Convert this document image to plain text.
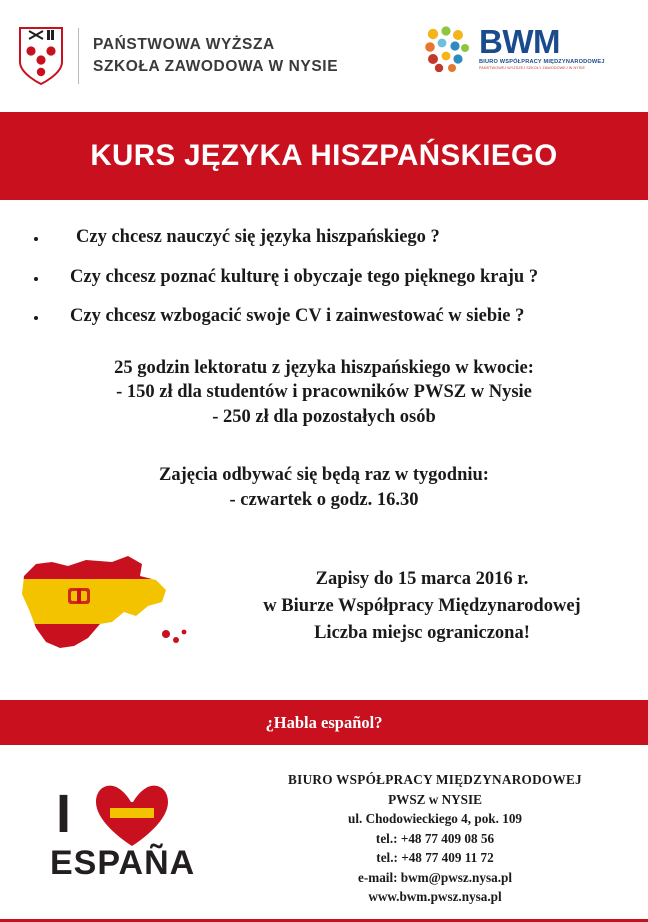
PAŃSTWOWA WYŻSZA
SZKOŁA ZAWODOWA W NYSIE
BWM
BIURO WSPÓŁPRACY MIĘDZYNARODOWEJ
PAŃSTWOWEJ WYŻSZEJ SZKOŁY ZAWODOWEJ W NYSIE
KURS JĘZYKA HISZPAŃSKIEGO
Czy chcesz nauczyć się języka hiszpańskiego ?
Czy chcesz poznać kulturę i obyczaje tego pięknego kraju ?
Czy chcesz wzbogacić swoje CV i zainwestować w siebie ?
25 godzin lektoratu z języka hiszpańskiego w kwocie:
- 150 zł dla studentów i pracowników PWSZ w Nysie
- 250 zł dla pozostałych osób
Zajęcia odbywać się będą raz w tygodniu:
- czwartek o godz. 16.30
Zapisy do 15 marca 2016 r.
w Biurze Współpracy Międzynarodowej
Liczba miejsc ograniczona!
¿Habla español?
I
ESPAÑA
BIURO WSPÓŁPRACY MIĘDZYNARODOWEJ
PWSZ w NYSIE
ul. Chodowieckiego 4, pok. 109
tel.: +48 77 409 08 56
tel.: +48 77 409 11 72
e-mail: bwm@pwsz.nysa.pl
www.bwm.pwsz.nysa.pl
